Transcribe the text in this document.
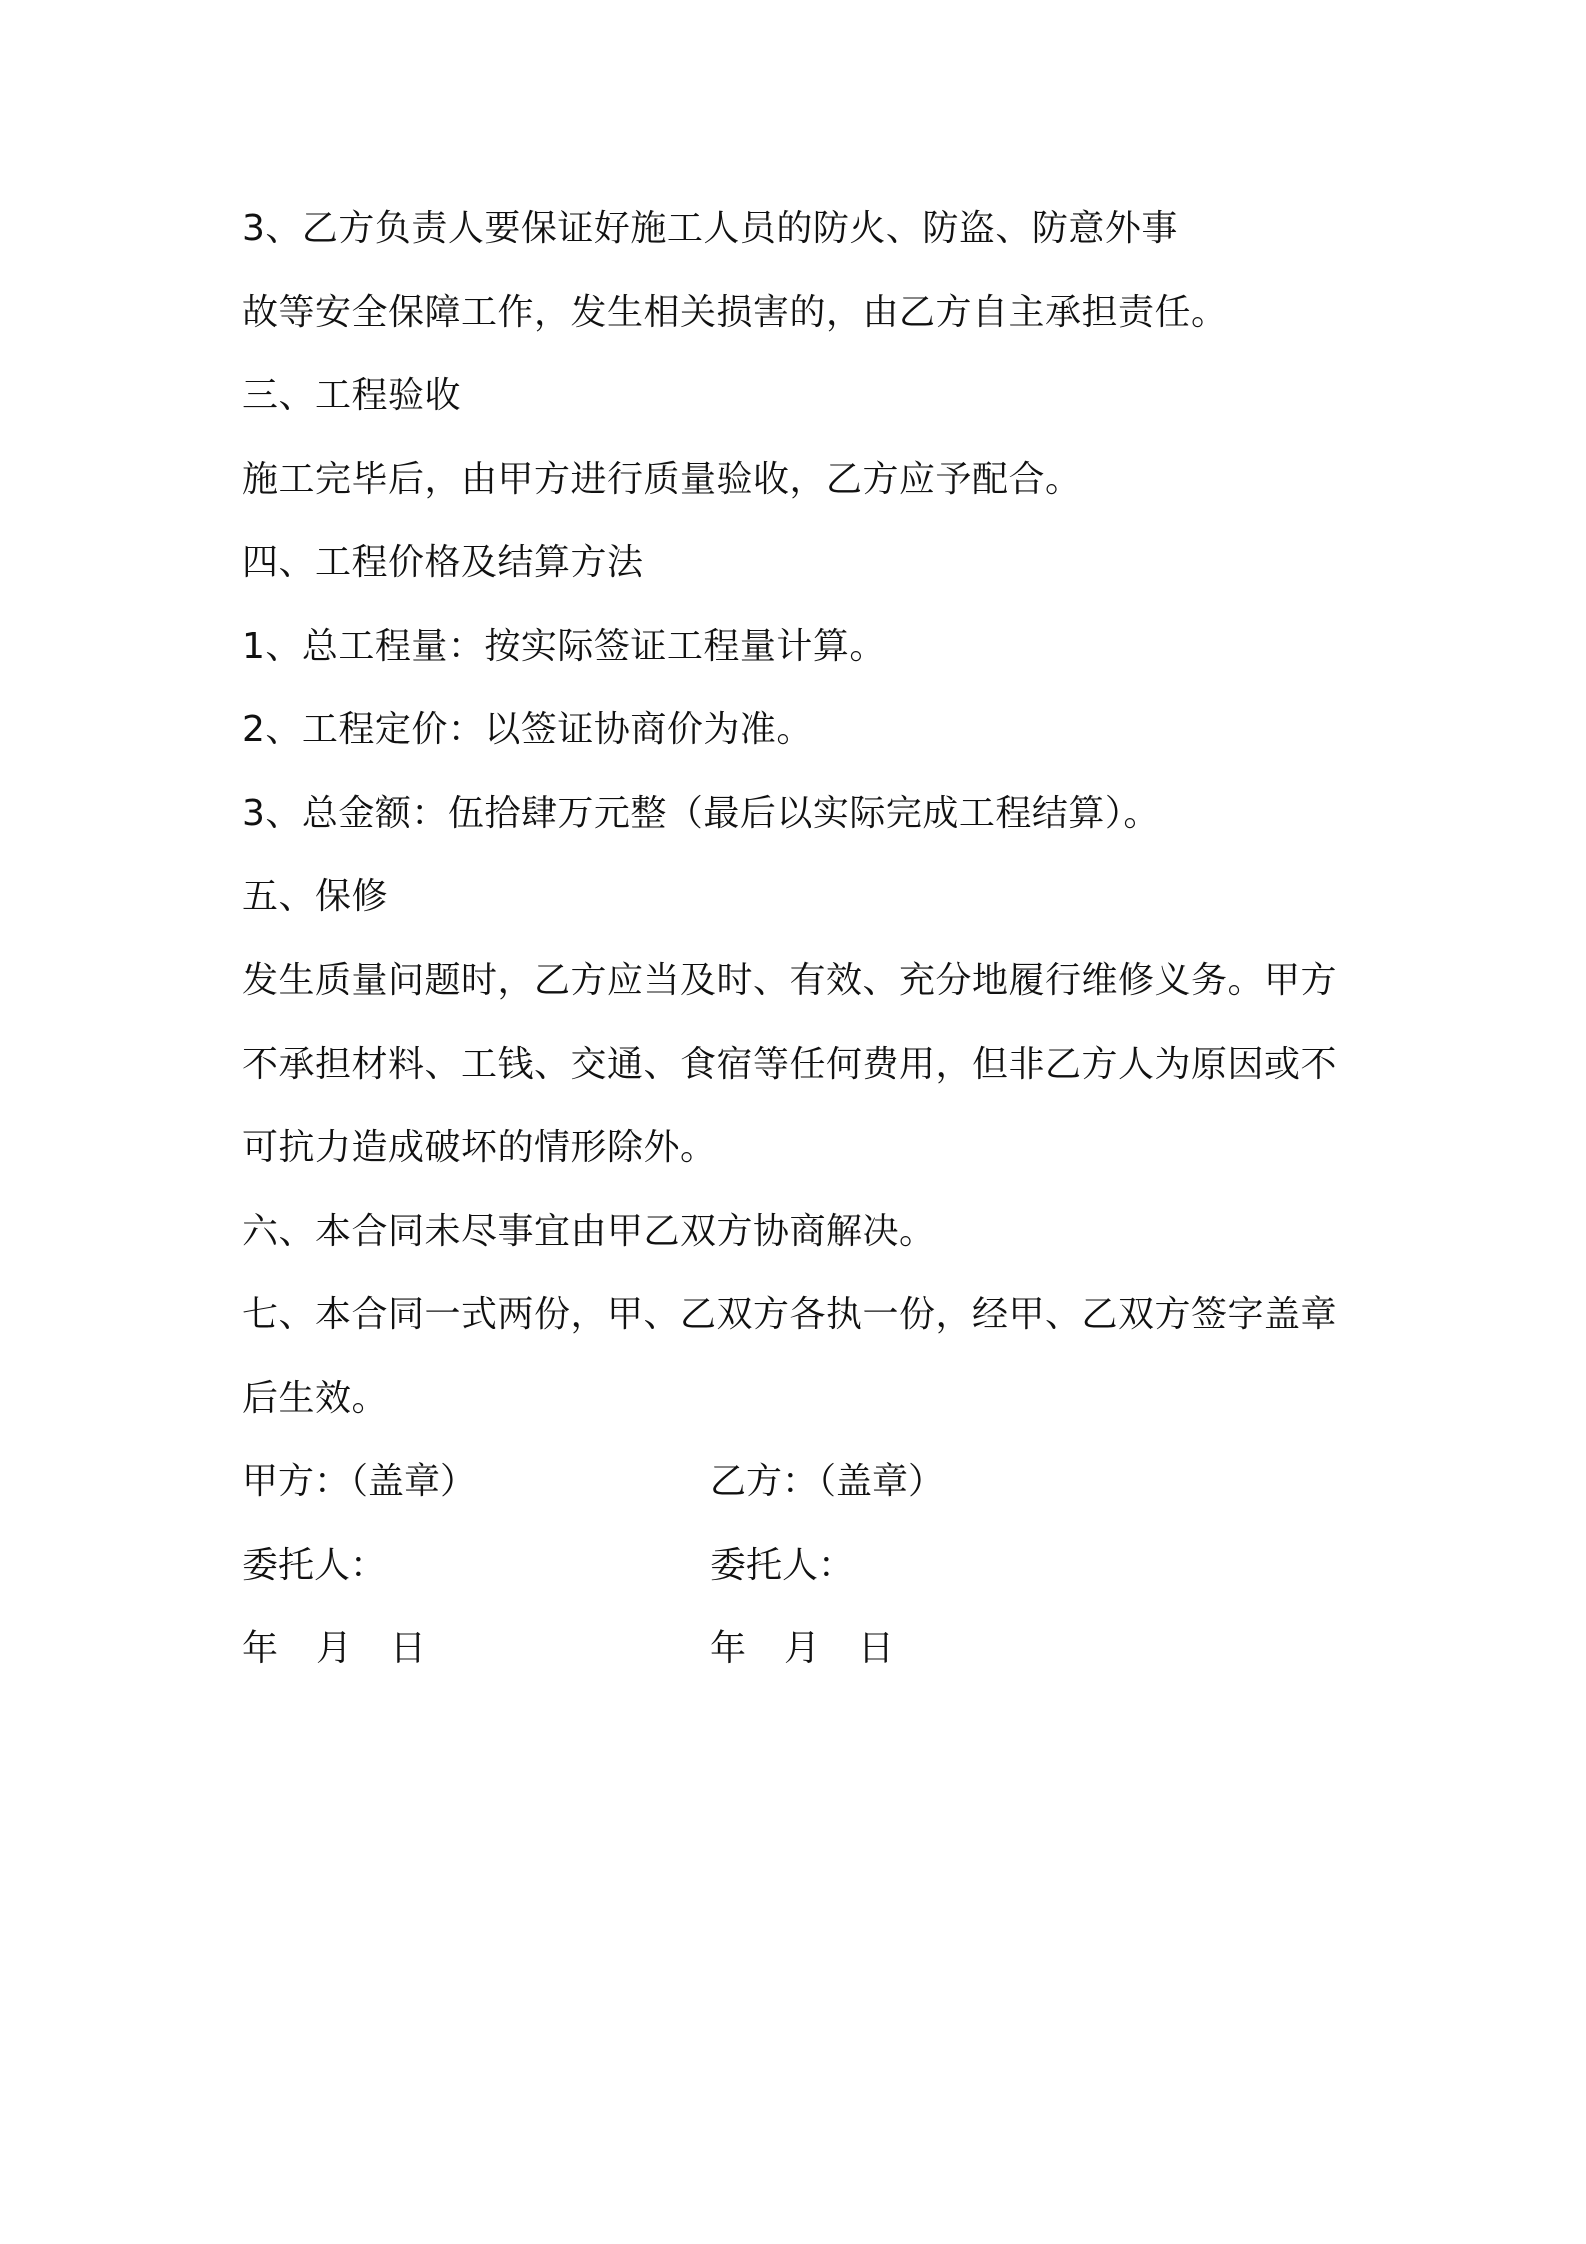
3、乙方负责人要保证好施工人员的防火、防盗、防意外事
故等安全保障工作，发生相关损害的，由乙方自主承担责任。
三、工程验收
施工完毕后，由甲方进行质量验收，乙方应予配合。
四、工程价格及结算方法
1、总工程量：按实际签证工程量计算。
2、工程定价：以签证协商价为准。
3、总金额：伍拾肆万元整（最后以实际完成工程结算）。
五、保修
发生质量问题时，乙方应当及时、有效、充分地履行维修义务。甲方
不承担材料、工钱、交通、食宿等任何费用，但非乙方人为原因或不
可抗力造成破坏的情形除外。
六、本合同未尽事宜由甲乙双方协商解决。
七、本合同一式两份，甲、乙双方各执一份，经甲、乙双方签字盖章
后生效。
甲方：（盖章）	乙方：（盖章）
委托人：	委托人：
年 月 日	年 月 日
